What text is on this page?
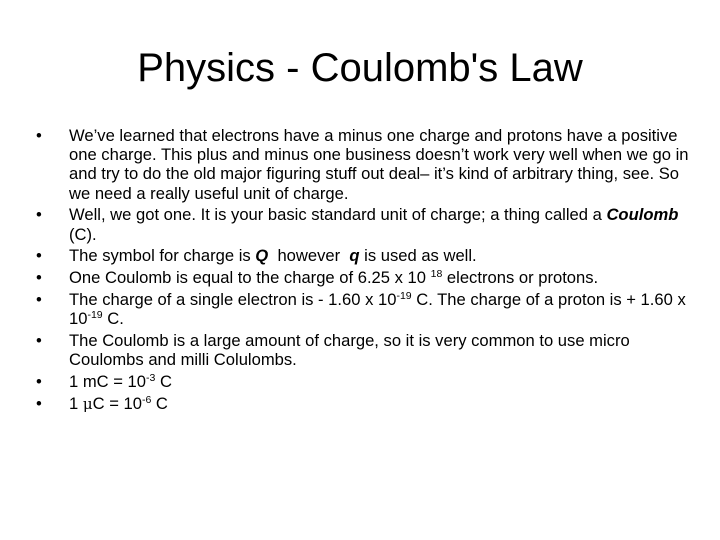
Physics - Coulomb's Law
•	We’ve learned that electrons have a minus one charge and protons have a positive one charge. This plus and minus one business doesn’t work very well when we go in and try to do the old major figuring stuff out deal– it’s kind of arbitrary thing, see. So we need a really useful unit of charge.
•	Well, we got one. It is your basic standard unit of charge; a thing called a Coulomb (C).
•	The symbol for charge is Q  however  q is used as well.
•	One Coulomb is equal to the charge of 6.25 x 10 $^{18}$ electrons or protons.
•	The charge of a single electron is - 1.60 x $10^{-19}$ C. The charge of a proton is + 1.60 x $10^{-19}$ C.
•	The Coulomb is a large amount of charge, so it is very common to use micro Coulombs and milli Colulombs.
•	1 mC = $10^{-3}$ C
•	1 $\mu C = 10^{-6}$ C
